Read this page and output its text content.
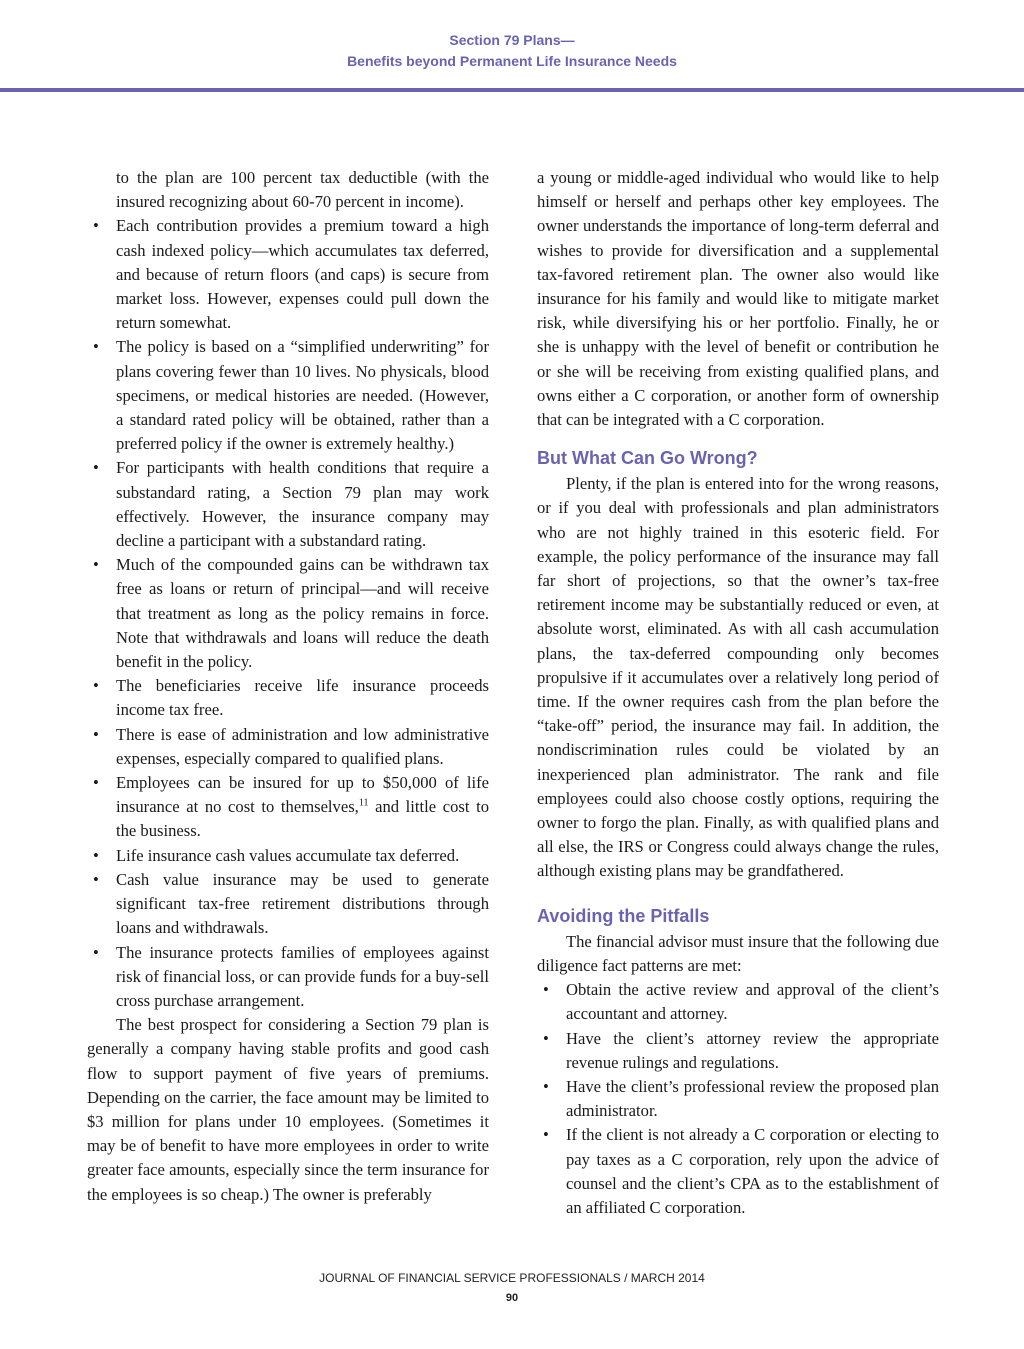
Section 79 Plans—
Benefits beyond Permanent Life Insurance Needs

to the plan are 100 percent tax deductible (with the insured recognizing about 60-70 percent in income).

• Each contribution provides a premium toward a high cash indexed policy—which accumulates tax deferred, and because of return floors (and caps) is secure from market loss. However, expenses could pull down the return somewhat.
• The policy is based on a “simplified underwriting” for plans covering fewer than 10 lives. No physicals, blood specimens, or medical histories are needed. (However, a standard rated policy will be obtained, rather than a preferred policy if the owner is extremely healthy.)
• For participants with health conditions that require a substandard rating, a Section 79 plan may work effectively. However, the insurance company may decline a participant with a substandard rating.
• Much of the compounded gains can be withdrawn tax free as loans or return of principal—and will receive that treatment as long as the policy remains in force. Note that withdrawals and loans will reduce the death benefit in the policy.
• The beneficiaries receive life insurance proceeds income tax free.
• There is ease of administration and low administrative expenses, especially compared to qualified plans.
• Employees can be insured for up to $50,000 of life insurance at no cost to themselves,$^{11}$ and little cost to the business.
• Life insurance cash values accumulate tax deferred.
• Cash value insurance may be used to generate significant tax-free retirement distributions through loans and withdrawals.
• The insurance protects families of employees against risk of financial loss, or can provide funds for a buy-sell cross purchase arrangement.

The best prospect for considering a Section 79 plan is generally a company having stable profits and good cash flow to support payment of five years of premiums. Depending on the carrier, the face amount may be limited to $3 million for plans under 10 employees. (Sometimes it may be of benefit to have more employees in order to write greater face amounts, especially since the term insurance for the employees is so cheap.) The owner is preferably

a young or middle-aged individual who would like to help himself or herself and perhaps other key employees. The owner understands the importance of long-term deferral and wishes to provide for diversification and a supplemental tax-favored retirement plan. The owner also would like insurance for his family and would like to mitigate market risk, while diversifying his or her portfolio. Finally, he or she is unhappy with the level of benefit or contribution he or she will be receiving from existing qualified plans, and owns either a C corporation, or another form of ownership that can be integrated with a C corporation.

But What Can Go Wrong?

Plenty, if the plan is entered into for the wrong reasons, or if you deal with professionals and plan administrators who are not highly trained in this esoteric field. For example, the policy performance of the insurance may fall far short of projections, so that the owner’s tax-free retirement income may be substantially reduced or even, at absolute worst, eliminated. As with all cash accumulation plans, the tax-deferred compounding only becomes propulsive if it accumulates over a relatively long period of time. If the owner requires cash from the plan before the “take-off” period, the insurance may fail. In addition, the nondiscrimination rules could be violated by an inexperienced plan administrator. The rank and file employees could also choose costly options, requiring the owner to forgo the plan. Finally, as with qualified plans and all else, the IRS or Congress could always change the rules, although existing plans may be grandfathered.

Avoiding the Pitfalls

The financial advisor must insure that the following due diligence fact patterns are met:

• Obtain the active review and approval of the client’s accountant and attorney.
• Have the client’s attorney review the appropriate revenue rulings and regulations.
• Have the client’s professional review the proposed plan administrator.
• If the client is not already a C corporation or electing to pay taxes as a C corporation, rely upon the advice of counsel and the client’s CPA as to the establishment of an affiliated C corporation.
JOURNAL OF FINANCIAL SERVICE PROFESSIONALS / MARCH 2014
90
